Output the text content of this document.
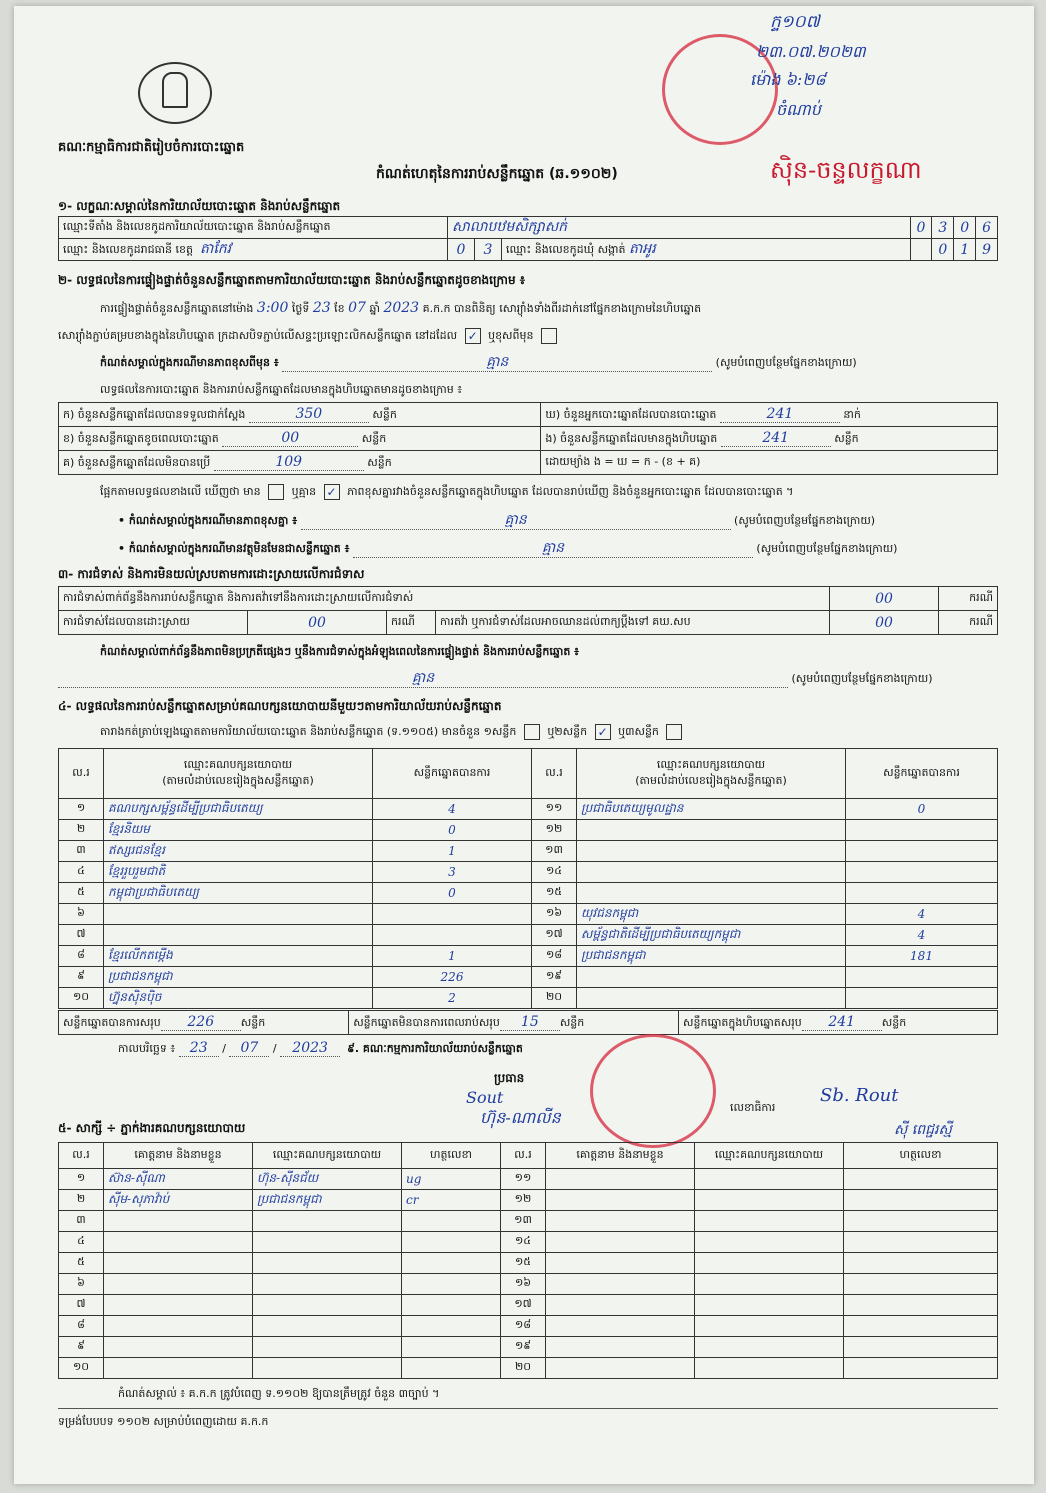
គណៈកម្មាធិការជាតិរៀបចំការបោះឆ្នោត
ក្ទ១០៧
២៣.០៧.២០២៣
ម៉ោង ៦:២៨
ចំណាប់
កំណត់ហេតុនៃការរាប់សន្លឹកឆ្នោត (ឆ.១១០២)	ស៊ិន-ចន្ទលក្ខណា
១- លក្ខណៈសម្គាល់នៃការិយាល័យបោះឆ្នោត និងរាប់សន្លឹកឆ្នោត
ឈ្មោះទីតាំង និងលេខកូដការិយាល័យបោះឆ្នោត និងរាប់សន្លឹកឆ្នោត	សាលាបឋមសិក្សាសក់			0	3	0	6
ឈ្មោះ និងលេខកូដរាជធានី ខេត្ត តាកែវ	0	3	ឈ្មោះ និងលេខកូដឃុំ សង្កាត់ តាអូរ		0	1	9
២- លទ្ធផលនៃការផ្ទៀងផ្ទាត់ចំនួនសន្លឹកឆ្នោតតាមការិយាល័យបោះឆ្នោត និងរាប់សន្លឹកឆ្នោតដូចខាងក្រោម ៖
ការផ្ទៀងផ្ទាត់ចំនួនសន្លឹកឆ្នោតនៅម៉ោង 3:00 ថ្ងៃទី 23 ខែ 07 ឆ្នាំ 2023 គ.ក.ក បានពិនិត្យ សោរ្យ៉ាំងទាំងពីរដាក់នៅផ្នែកខាងក្រោមនៃហិបឆ្នោត
សោរ្យ៉ាំងភ្ជាប់គម្របខាងក្នុងនៃហិបឆ្នោត ក្រដាសបិទភ្ជាប់លើសន្ទះប្រឡោះលិកសន្លឹកឆ្នោត នៅដដែល ✓ ឬខុសពីមុន
កំណត់សម្គាល់ក្នុងករណីមានភាពខុសពីមុន ៖	គ្មាន	(សូមបំពេញបន្ថែមផ្នែកខាងក្រោយ)
លទ្ធផលនៃការបោះឆ្នោត និងការរាប់សន្លឹកឆ្នោតដែលមានក្នុងហិបឆ្នោតមានដូចខាងក្រោម ៖
ក) ចំនួនសន្លឹកឆ្នោតដែលបានទទួលជាក់ស្តែង 350 សន្លឹក	ឃ) ចំនួនអ្នកបោះឆ្នោតដែលបានបោះឆ្នោត 241 នាក់
ខ) ចំនួនសន្លឹកឆ្នោតខូចពេលបោះឆ្នោត 00 សន្លឹក	ង) ចំនួនសន្លឹកឆ្នោតដែលមានក្នុងហិបឆ្នោត 241 សន្លឹក
គ) ចំនួនសន្លឹកឆ្នោតដែលមិនបានប្រើ 109 សន្លឹក	ដោយម្យ៉ាង ង = ឃ = ក - (ខ + គ)
ផ្អែកតាមលទ្ធផលខាងលើ ឃើញថា មាន	ឬគ្មាន ✓ ភាពខុសគ្នារវាងចំនួនសន្លឹកឆ្នោតក្នុងហិបឆ្នោត ដែលបានរាប់ឃើញ និងចំនួនអ្នកបោះឆ្នោត ដែលបានបោះឆ្នោត ។
• កំណត់សម្គាល់ក្នុងករណីមានភាពខុសគ្នា ៖	គ្មាន	(សូមបំពេញបន្ថែមផ្នែកខាងក្រោយ)
• កំណត់សម្គាល់ក្នុងករណីមានវត្ថុមិនមែនជាសន្លឹកឆ្នោត ៖	គ្មាន	(សូមបំពេញបន្ថែមផ្នែកខាងក្រោយ)
៣- ការជំទាស់ និងការមិនយល់ស្របតាមការដោះស្រាយលើការជំទាស
ការជំទាស់ពាក់ព័ន្ធនឹងការរាប់សន្លឹកឆ្នោត និងការតវ៉ាទៅនឹងការដោះស្រាយលើការជំទាស់				00	ករណី
ការជំទាស់ដែលបានដោះស្រាយ	00	ករណី	ការតវ៉ា ឬការជំទាស់ដែលអាចឈានដល់ពាក្យប្តឹងទៅ គឃ.សប	00	ករណី
កំណត់សម្គាល់ពាក់ព័ន្ធនឹងភាពមិនប្រក្រតីផ្សេងៗ ឬនឹងការជំទាស់ក្នុងអំឡុងពេលនៃការផ្ទៀងផ្ទាត់ និងការរាប់សន្លឹកឆ្នោត ៖
គ្មាន	(សូមបំពេញបន្ថែមផ្នែកខាងក្រោយ)
៤- លទ្ធផលនៃការរាប់សន្លឹកឆ្នោតសម្រាប់គណបក្សនយោបាយនីមួយៗតាមការិយាល័យរាប់សន្លឹកឆ្នោត
តារាងកត់ត្រាប់ឡេងឆ្នោតតាមការិយាល័យបោះឆ្នោត និងរាប់សន្លឹកឆ្នោត (ទ.១១០៥) មានចំនួន ១សន្លឹក	ឬ២សន្លឹក ✓ ឬ៣សន្លឹក
ល.រ	ឈ្មោះគណបក្សនយោបាយ
(តាមលំដាប់លេខរៀងក្នុងសន្លឹកឆ្នោត)	សន្លឹកឆ្នោតបានការ	ល.រ	ឈ្មោះគណបក្សនយោបាយ
(តាមលំដាប់លេខរៀងក្នុងសន្លឹកឆ្នោត)	សន្លឹកឆ្នោតបានការ
១	គណបក្សសម្ព័ន្ធដើម្បីប្រជាធិបតេយ្យ	4	១១	ប្រជាធិបតេយ្យមូលដ្ឋាន	0
២	ខ្មែរនិយម	0	១២		
៣	ឥស្សរជនខ្មែរ	1	១៣		
៤	ខ្មែររួបរួមជាតិ	3	១៤		
៥	កម្ពុជាប្រជាធិបតេយ្យ	0	១៥		
៦			១៦	យុវជនកម្ពុជា	4
៧			១៧	សម្ព័ន្ធជាតិដើម្បីប្រជាធិបតេយ្យកម្ពុជា	4
៨	ខ្មែរលើកតម្កើង	1	១៨	ប្រជាជនកម្ពុជា	181
៩	ប្រជាជនកម្ពុជា	226	១៩		
១០	ហ្វ៊ុនស៊ិនប៉ិច	2	២០		
សន្លឹកឆ្នោតបានការសរុប 226 សន្លឹក	សន្លឹកឆ្នោតមិនបានការពេលរាប់សរុប 15 សន្លឹក	សន្លឹកឆ្នោតក្នុងហិបឆ្នោតសរុប 241 សន្លឹក
កាលបរិច្ឆេទ ៖ 23 / 07 / 2023 ៩. គណៈកម្មការការិយាល័យរាប់សន្លឹកឆ្នោត
ប្រធាន
Sout
ហ៊ុន-ណាលីន
លេខាធិការ
Sb. Rout
ស៊ី ពេជ្ជរស្មី
៥- សាក្សី ÷ ភ្នាក់ងារគណបក្សនយោបាយ
ល.រ	គោត្តនាម និងនាមខ្លួន	ឈ្មោះគណបក្សនយោបាយ	ហត្ថលេខា	ល.រ	គោត្តនាម និងនាមខ្លួន	ឈ្មោះគណបក្សនយោបាយ	ហត្ថលេខា
១	ស៊ាន-ស៊ីណា	ហ៊ុន-ស៊ីនជ័យ	ug	១១			
២	សុីម-សុភាវ៉ាប់	ប្រជាជនកម្ពុជា	cr	១២			
៣				១៣			
៤				១៤			
៥				១៥			
៦				១៦			
៧				១៧			
៨				១៨			
៩				១៩			
១០				២០			
កំណត់សម្គាល់ ៖ គ.ក.ក ត្រូវបំពេញ ទ.១១០២ ឱ្យបានត្រឹមត្រូវ ចំនួន ៣ច្បាប់ ។
ទម្រង់បែបបទ ១១០២ សម្រាប់បំពេញដោយ គ.ក.ក
